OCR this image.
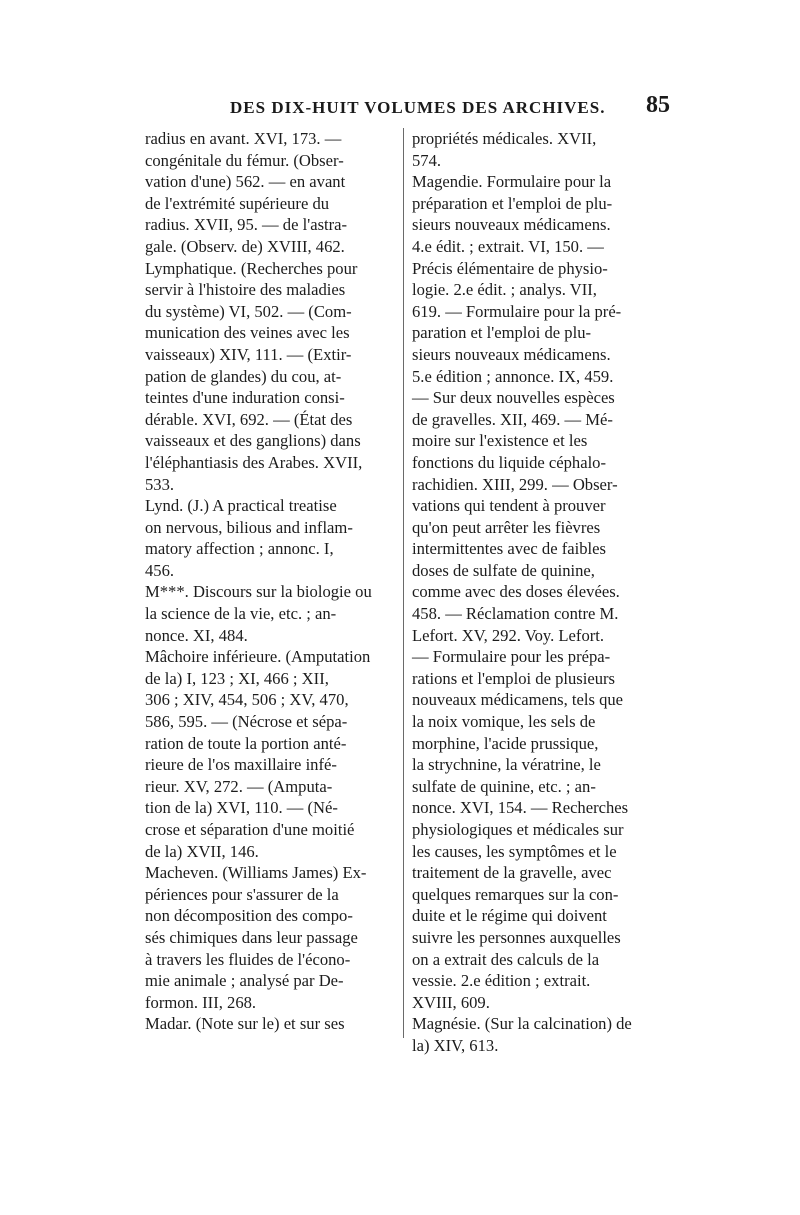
DES DIX-HUIT VOLUMES DES ARCHIVES. 85
radius en avant. XVI, 173. —
congénitale du fémur. (Obser-
vation d'une) 562. — en avant
de l'extrémité supérieure du
radius. XVII, 95. — de l'astra-
gale. (Observ. de) XVIII, 462.
Lymphatique. (Recherches pour
servir à l'histoire des maladies
du système) VI, 502. — (Com-
munication des veines avec les
vaisseaux) XIV, 111. — (Extir-
pation de glandes) du cou, at-
teintes d'une induration consi-
dérable. XVI, 692. — (État des
vaisseaux et des ganglions) dans
l'éléphantiasis des Arabes. XVII,
533.
Lynd. (J.) A practical treatise
on nervous, bilious and inflam-
matory affection ; annonc. I,
456.
M***. Discours sur la biologie ou
la science de la vie, etc. ; an-
nonce. XI, 484.
Mâchoire inférieure. (Amputation
de la) I, 123 ; XI, 466 ; XII,
306 ; XIV, 454, 506 ; XV, 470,
586, 595. — (Nécrose et sépa-
ration de toute la portion anté-
rieure de l'os maxillaire infé-
rieur. XV, 272. — (Amputa-
tion de la) XVI, 110. — (Né-
crose et séparation d'une moitié
de la) XVII, 146.
Macheven. (Williams James) Ex-
périences pour s'assurer de la
non décomposition des compo-
sés chimiques dans leur passage
à travers les fluides de l'écono-
mie animale ; analysé par De-
formon. III, 268.
Madar. (Note sur le) et sur ses
propriétés médicales. XVII,
574.
Magendie. Formulaire pour la
préparation et l'emploi de plu-
sieurs nouveaux médicamens.
4.e édit. ; extrait. VI, 150. —
Précis élémentaire de physio-
logie. 2.e édit. ; analys. VII,
619. — Formulaire pour la pré-
paration et l'emploi de plu-
sieurs nouveaux médicamens.
5.e édition ; annonce. IX, 459.
— Sur deux nouvelles espèces
de gravelles. XII, 469. — Mé-
moire sur l'existence et les
fonctions du liquide céphalo-
rachidien. XIII, 299. — Obser-
vations qui tendent à prouver
qu'on peut arrêter les fièvres
intermittentes avec de faibles
doses de sulfate de quinine,
comme avec des doses élevées.
458. — Réclamation contre M.
Lefort. XV, 292. Voy. Lefort.
— Formulaire pour les prépa-
rations et l'emploi de plusieurs
nouveaux médicamens, tels que
la noix vomique, les sels de
morphine, l'acide prussique,
la strychnine, la vératrine, le
sulfate de quinine, etc. ; an-
nonce. XVI, 154. — Recherches
physiologiques et médicales sur
les causes, les symptômes et le
traitement de la gravelle, avec
quelques remarques sur la con-
duite et le régime qui doivent
suivre les personnes auxquelles
on a extrait des calculs de la
vessie. 2.e édition ; extrait.
XVIII, 609.
Magnésie. (Sur la calcination) de
la) XIV, 613.
